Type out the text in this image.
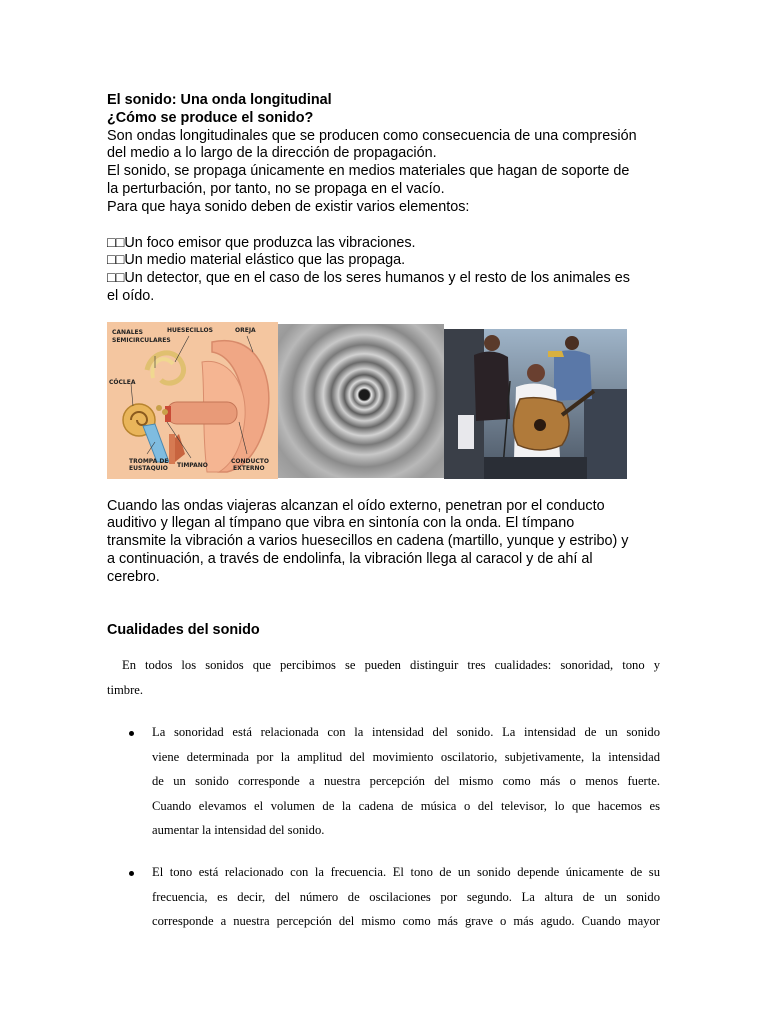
El sonido: Una onda longitudinal
¿Cómo se produce el sonido?
Son ondas longitudinales que se producen como consecuencia de una compresión
del medio a lo largo de la dirección de propagación.
El sonido, se propaga únicamente en medios materiales que hagan de soporte de
la perturbación, por tanto, no se propaga en el vacío.
Para que haya sonido deben de existir varios elementos:
□□Un foco emisor que produzca las vibraciones.
□□Un medio material elástico que las propaga.
□□Un detector, que en el caso de los seres humanos y el resto de los animales es
el oído.
CANALES
SEMICIRCULARES
HUESECILLOS	OREJA
CÓCLEA
TROMPA DE
EUSTAQUIO TIMPANO
CONDUCTO
EXTERNO
Cuando las ondas viajeras alcanzan el oído externo, penetran por el conducto
auditivo y llegan al tímpano que vibra en sintonía con la onda. El tímpano
transmite la vibración a varios huesecillos en cadena (martillo, yunque y estribo) y
a continuación, a través de endolinfa, la vibración llega al caracol y de ahí al
cerebro.
Cualidades del sonido
En todos los sonidos que percibimos se pueden distinguir tres cualidades: sonoridad, tono y
timbre.
La sonoridad está relacionada con la intensidad del sonido. La intensidad de un sonido
viene determinada por la amplitud del movimiento oscilatorio, subjetivamente, la intensidad
de un sonido corresponde a nuestra percepción del mismo como más o menos fuerte.
Cuando elevamos el volumen de la cadena de música o del televisor, lo que hacemos es
aumentar la intensidad del sonido.
El tono está relacionado con la frecuencia. El tono de un sonido depende únicamente de su
frecuencia, es decir, del número de oscilaciones por segundo. La altura de un sonido
corresponde a nuestra percepción del mismo como más grave o más agudo. Cuando mayor
